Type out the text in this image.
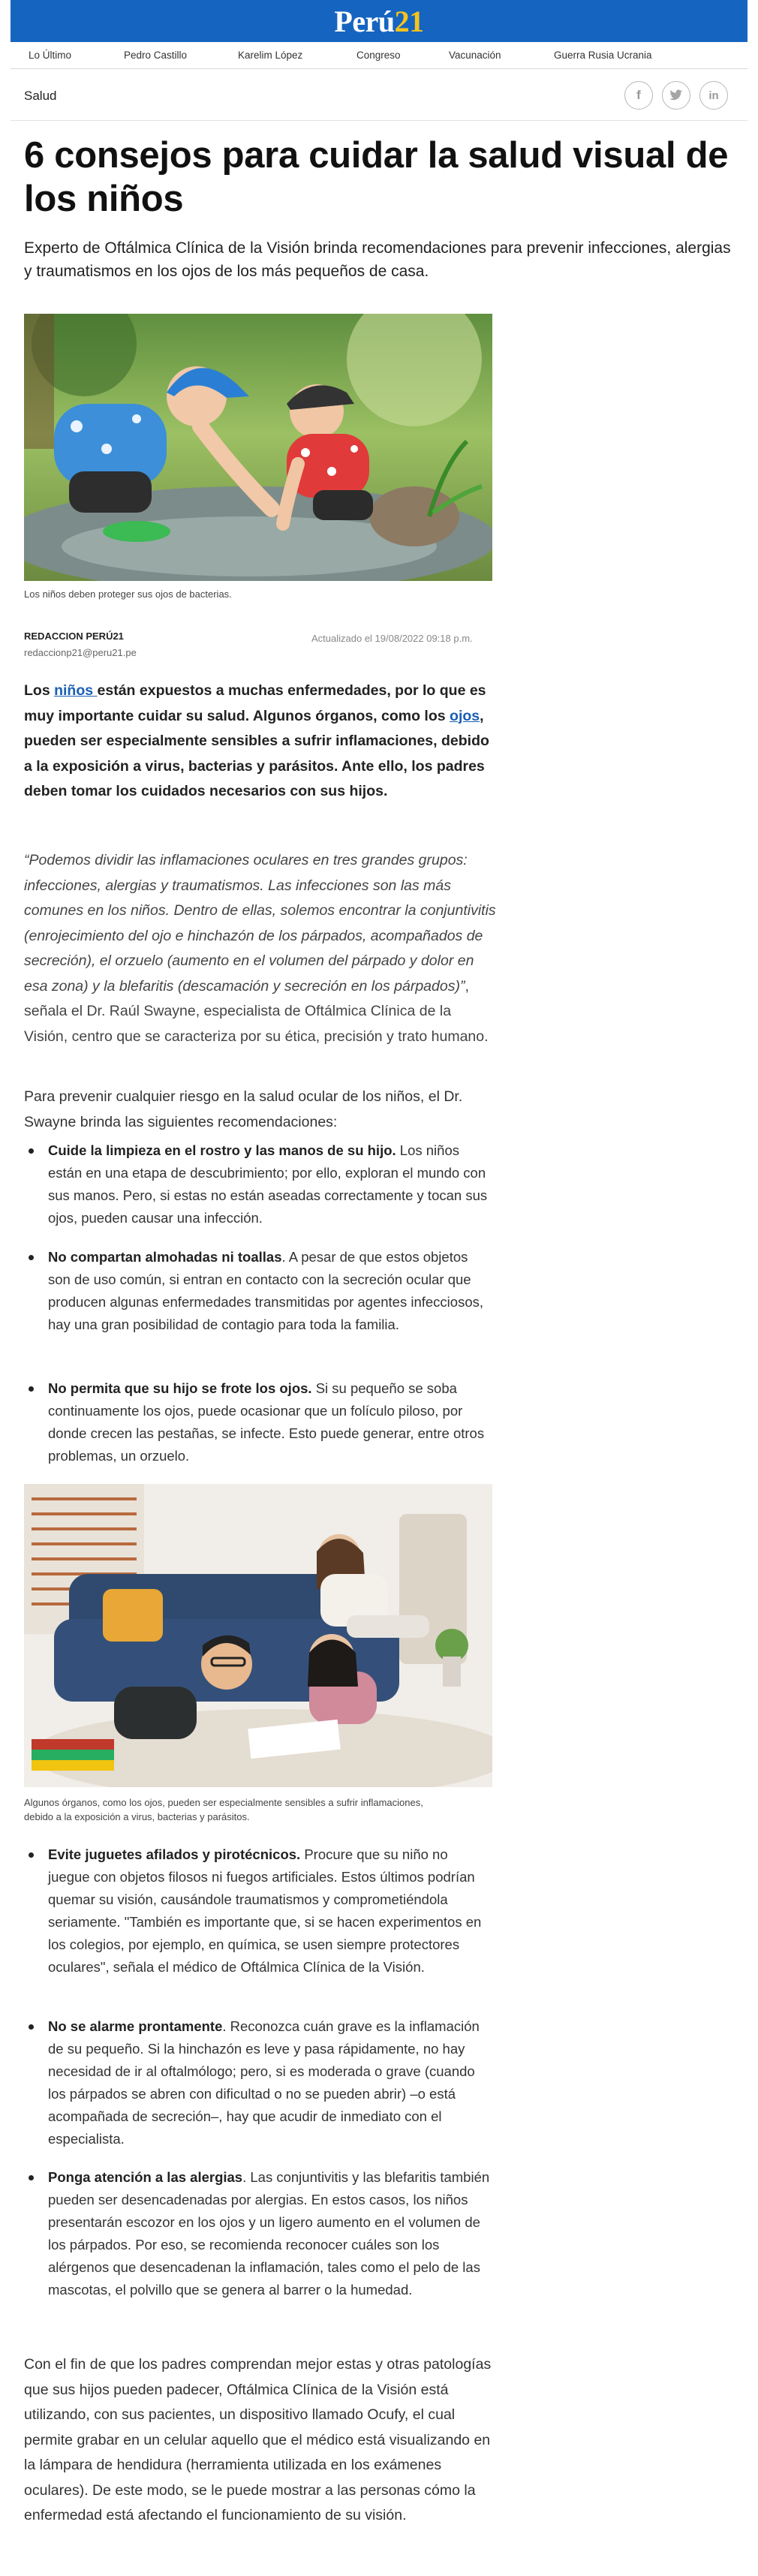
Perú21
Lo Último	Pedro Castillo	Karelim López	Congreso	Vacunación	Guerra Rusia Ucrania
Salud	f	in
6 consejos para cuidar la salud visual de los niños

Experto de Oftálmica Clínica de la Visión brinda recomendaciones para prevenir infecciones, alergias y traumatismos en los ojos de los más pequeños de casa.

Los niños deben proteger sus ojos de bacterias.
REDACCION PERÚ21
redaccionp21@peru21.pe
Actualizado el 19/08/2022 09:18 p.m.

Los niños están expuestos a muchas enfermedades, por lo que es muy importante cuidar su salud. Algunos órganos, como los ojos, pueden ser especialmente sensibles a sufrir inflamaciones, debido a la exposición a virus, bacterias y parásitos. Ante ello, los padres deben tomar los cuidados necesarios con sus hijos.

“Podemos dividir las inflamaciones oculares en tres grandes grupos: infecciones, alergias y traumatismos. Las infecciones son las más comunes en los niños. Dentro de ellas, solemos encontrar la conjuntivitis (enrojecimiento del ojo e hinchazón de los párpados, acompañados de secreción), el orzuelo (aumento en el volumen del párpado y dolor en esa zona) y la blefaritis (descamación y secreción en los párpados)”, señala el Dr. Raúl Swayne, especialista de Oftálmica Clínica de la Visión, centro que se caracteriza por su ética, precisión y trato humano.

Para prevenir cualquier riesgo en la salud ocular de los niños, el Dr. Swayne brinda las siguientes recomendaciones:

Cuide la limpieza en el rostro y las manos de su hijo. Los niños están en una etapa de descubrimiento; por ello, exploran el mundo con sus manos. Pero, si estas no están aseadas correctamente y tocan sus ojos, pueden causar una infección.
No compartan almohadas ni toallas. A pesar de que estos objetos son de uso común, si entran en contacto con la secreción ocular que producen algunas enfermedades transmitidas por agentes infecciosos, hay una gran posibilidad de contagio para toda la familia.
No permita que su hijo se frote los ojos. Si su pequeño se soba continuamente los ojos, puede ocasionar que un folículo piloso, por donde crecen las pestañas, se infecte. Esto puede generar, entre otros problemas, un orzuelo.
Algunos órganos, como los ojos, pueden ser especialmente sensibles a sufrir inflamaciones, debido a la exposición a virus, bacterias y parásitos.
Evite juguetes afilados y pirotécnicos. Procure que su niño no juegue con objetos filosos ni fuegos artificiales. Estos últimos podrían quemar su visión, causándole traumatismos y comprometiéndola seriamente. "También es importante que, si se hacen experimentos en los colegios, por ejemplo, en química, se usen siempre protectores oculares", señala el médico de Oftálmica Clínica de la Visión.
No se alarme prontamente. Reconozca cuán grave es la inflamación de su pequeño. Si la hinchazón es leve y pasa rápidamente, no hay necesidad de ir al oftalmólogo; pero, si es moderada o grave (cuando los párpados se abren con dificultad o no se pueden abrir) –o está acompañada de secreción–, hay que acudir de inmediato con el especialista.
Ponga atención a las alergias. Las conjuntivitis y las blefaritis también pueden ser desencadenadas por alergias. En estos casos, los niños presentarán escozor en los ojos y un ligero aumento en el volumen de los párpados. Por eso, se recomienda reconocer cuáles son los alérgenos que desencadenan la inflamación, tales como el pelo de las mascotas, el polvillo que se genera al barrer o la humedad.

Con el fin de que los padres comprendan mejor estas y otras patologías que sus hijos pueden padecer, Oftálmica Clínica de la Visión está utilizando, con sus pacientes, un dispositivo llamado Ocufy, el cual permite grabar en un celular aquello que el médico está visualizando en la lámpara de hendidura (herramienta utilizada en los exámenes oculares). De este modo, se le puede mostrar a las personas cómo la enfermedad está afectando el funcionamiento de su visión.
